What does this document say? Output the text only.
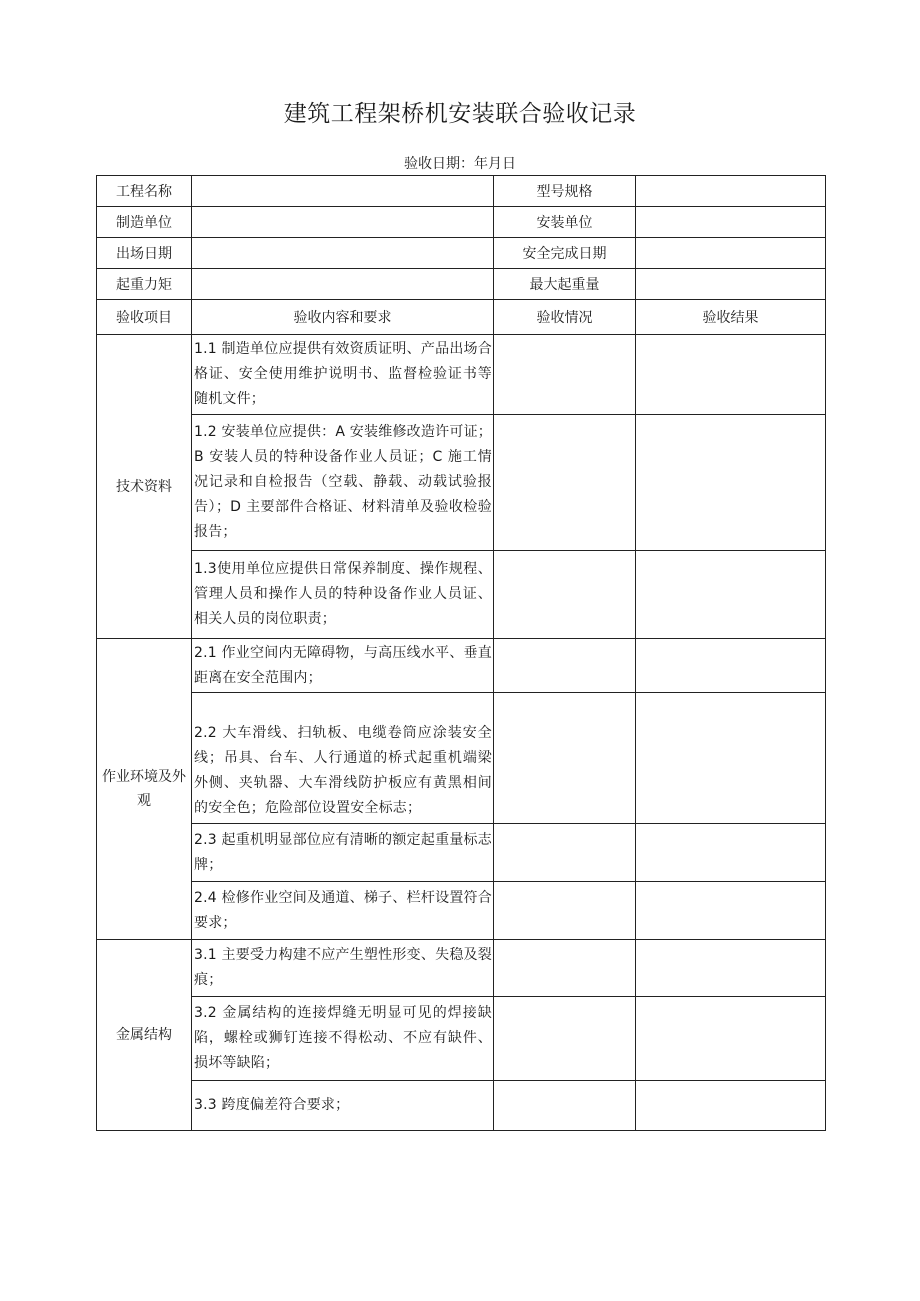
建筑工程架桥机安装联合验收记录
验收日期：年月日
工程名称		型号规格	
制造单位		安装单位	
出场日期		安全完成日期	
起重力矩		最大起重量	
验收项目	验收内容和要求	验收情况	验收结果
技术资料	1.1 制造单位应提供有效资质证明、产品出场合格证、安全使用维护说明书、监督检验证书等随机文件；		
	1.2 安装单位应提供：A 安装维修改造许可证；B 安装人员的特种设备作业人员证；C 施工情况记录和自检报告（空载、静载、动载试验报告）；D 主要部件合格证、材料清单及验收检验报告；		
	1.3使用单位应提供日常保养制度、操作规程、管理人员和操作人员的特种设备作业人员证、相关人员的岗位职责；		
作业环境及外观	2.1 作业空间内无障碍物，与高压线水平、垂直距离在安全范围内；		
	2.2 大车滑线、扫轨板、电缆卷筒应涂装安全线；吊具、台车、人行通道的桥式起重机端梁外侧、夹轨器、大车滑线防护板应有黄黑相间的安全色；危险部位设置安全标志；		
	2.3 起重机明显部位应有清晰的额定起重量标志牌；		
	2.4 检修作业空间及通道、梯子、栏杆设置符合要求；		
金属结构	3.1 主要受力构建不应产生塑性形变、失稳及裂痕；		
	3.2 金属结构的连接焊缝无明显可见的焊接缺陷，螺栓或狮钉连接不得松动、不应有缺件、损坏等缺陷；		
	3.3 跨度偏差符合要求；		
